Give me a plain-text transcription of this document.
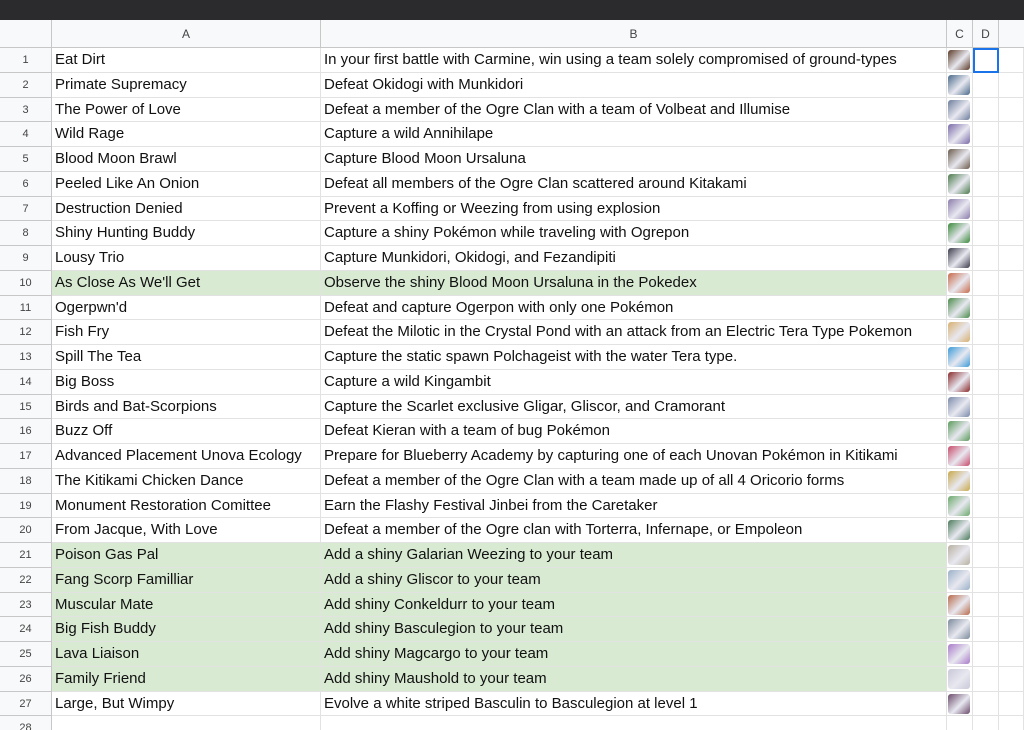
A	B	C	D
1	Eat Dirt	In your first battle with Carmine, win using a team solely compromised of ground-types
2	Primate Supremacy	Defeat Okidogi with Munkidori
3	The Power of Love	Defeat a member of the Ogre Clan with a team of Volbeat and Illumise
4	Wild Rage	Capture a wild Annihilape
5	Blood Moon Brawl	Capture Blood Moon Ursaluna
6	Peeled Like An Onion	Defeat all members of the Ogre Clan scattered around Kitakami
7	Destruction Denied	Prevent a Koffing or Weezing from using explosion
8	Shiny Hunting Buddy	Capture a shiny Pokémon while traveling with Ogrepon
9	Lousy Trio	Capture Munkidori, Okidogi, and Fezandipiti
10	As Close As We'll Get	Observe the shiny Blood Moon Ursaluna in the Pokedex
11	Ogerpwn'd	Defeat and capture Ogerpon with only one Pokémon
12	Fish Fry	Defeat the Milotic in the Crystal Pond with an attack from an Electric Tera Type Pokemon
13	Spill The Tea	Capture the static spawn Polchageist with the water Tera type.
14	Big Boss	Capture a wild Kingambit
15	Birds and Bat-Scorpions	Capture the Scarlet exclusive Gligar, Gliscor, and Cramorant
16	Buzz Off	Defeat Kieran with a team of bug Pokémon
17	Advanced Placement Unova Ecology	Prepare for Blueberry Academy by capturing one of each Unovan Pokémon in Kitikami
18	The Kitikami Chicken Dance	Defeat a member of the Ogre Clan with a team made up of all 4 Oricorio forms
19	Monument Restoration Comittee	Earn the Flashy Festival Jinbei from the Caretaker
20	From Jacque, With Love	Defeat a member of the Ogre clan with Torterra, Infernape, or Empoleon
21	Poison Gas Pal	Add a shiny Galarian Weezing to your team
22	Fang Scorp Familliar	Add a shiny Gliscor to your team
23	Muscular Mate	Add shiny Conkeldurr to your team
24	Big Fish Buddy	Add shiny Basculegion to your team
25	Lava Liaison	Add shiny Magcargo to your team
26	Family Friend	Add shiny Maushold to your team
27	Large, But Wimpy	Evolve a white striped Basculin to Basculegion at level 1
28
